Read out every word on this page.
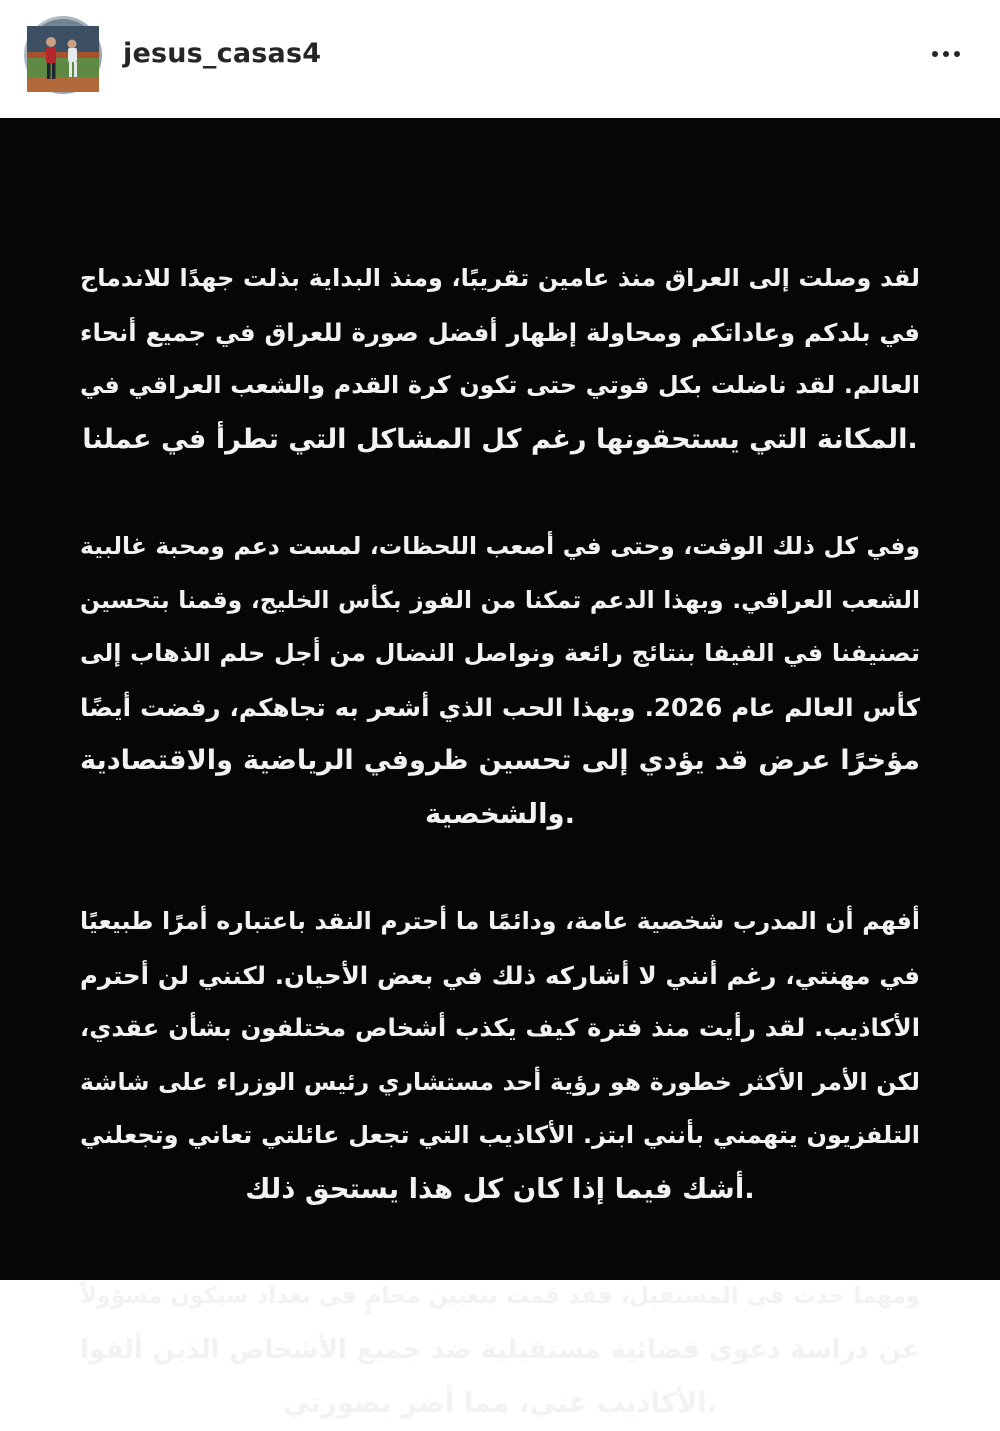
jesus_casas4
لقد وصلت إلى العراق منذ عامين تقريبًا، ومنذ البداية بذلت جهدًا للاندماج
في بلدكم وعاداتكم ومحاولة إظهار أفضل صورة للعراق في جميع أنحاء
العالم. لقد ناضلت بكل قوتي حتى تكون كرة القدم والشعب العراقي في
.المكانة التي يستحقونها رغم كل المشاكل التي تطرأ في عملنا
وفي كل ذلك الوقت، وحتى في أصعب اللحظات، لمست دعم ومحبة غالبية
الشعب العراقي. وبهذا الدعم تمكنا من الفوز بكأس الخليج، وقمنا بتحسين
تصنيفنا في الفيفا بنتائج رائعة ونواصل النضال من أجل حلم الذهاب إلى
كأس العالم عام 2026. وبهذا الحب الذي أشعر به تجاهكم، رفضت أيضًا
مؤخرًا عرض قد يؤدي إلى تحسين ظروفي الرياضية والاقتصادية
.والشخصية
أفهم أن المدرب شخصية عامة، ودائمًا ما أحترم النقد باعتباره أمرًا طبيعيًا
في مهنتي، رغم أنني لا أشاركه ذلك في بعض الأحيان. لكنني لن أحترم
الأكاذيب. لقد رأيت منذ فترة كيف يكذب أشخاص مختلفون بشأن عقدي،
لكن الأمر الأكثر خطورة هو رؤية أحد مستشاري رئيس الوزراء على شاشة
التلفزيون يتهمني بأنني ابتز. الأكاذيب التي تجعل عائلتي تعاني وتجعلني
.أشك فيما إذا كان كل هذا يستحق ذلك
ومهما حدث في المستقبل، فقد قمت بتعيين محامٍ في بغداد سيكون مسؤولاً
عن دراسة دعوى قضائية مستقبلية ضد جميع الأشخاص الذين ألقوا
.الأكاذيب عني، مما أضر بصورتي
